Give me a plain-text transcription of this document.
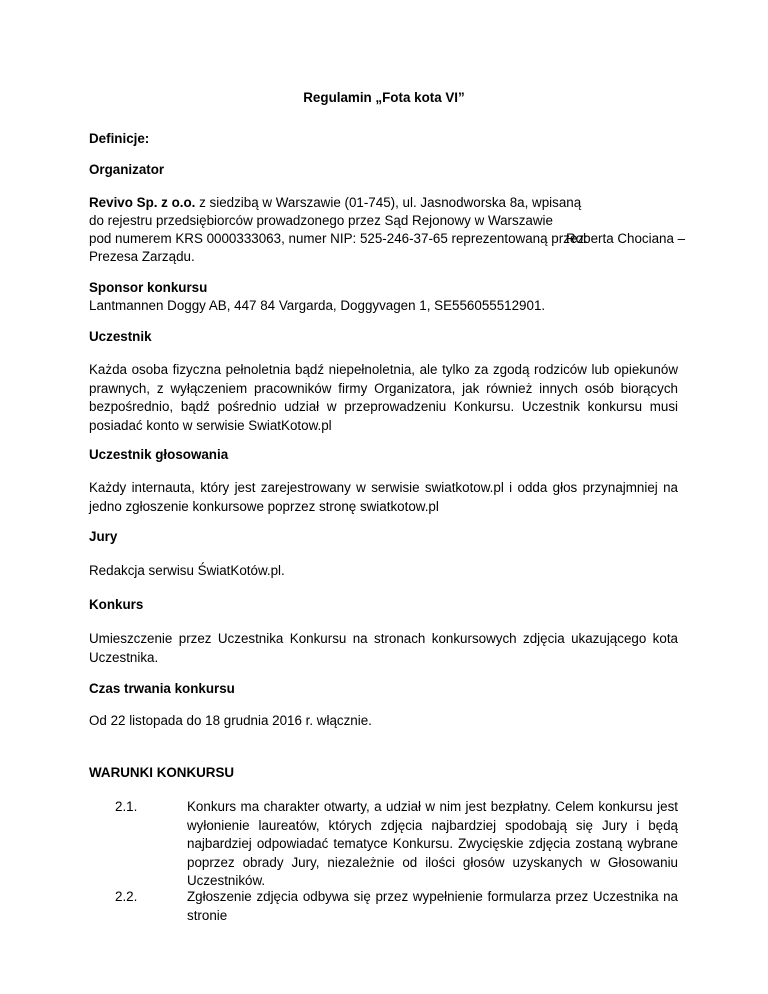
Regulamin „Fota kota VI”
Definicje:
Organizator
Revivo Sp. z o.o. z siedzibą w Warszawie (01-745), ul. Jasnodworska 8a, wpisaną
do rejestru przedsiębiorców prowadzonego przez Sąd Rejonowy w Warszawie
pod numerem KRS 0000333063, numer NIP: 525-246-37-65 reprezentowaną przez:
Roberta Chociana –
Prezesa Zarządu.
Sponsor konkursu
Lantmannen Doggy AB, 447 84 Vargarda, Doggyvagen 1, SE556055512901.
Uczestnik
Każda osoba fizyczna pełnoletnia bądź niepełnoletnia, ale tylko za zgodą rodziców lub opiekunów prawnych, z wyłączeniem pracowników firmy Organizatora, jak również innych osób biorących bezpośrednio, bądź pośrednio udział w przeprowadzeniu Konkursu. Uczestnik konkursu musi posiadać konto w serwisie SwiatKotow.pl
Uczestnik głosowania
Każdy internauta, który jest zarejestrowany w serwisie swiatkotow.pl i odda głos przynajmniej na jedno zgłoszenie konkursowe poprzez stronę swiatkotow.pl
Jury
Redakcja serwisu ŚwiatKotów.pl.
Konkurs
Umieszczenie przez Uczestnika Konkursu na stronach konkursowych zdjęcia ukazującego kota Uczestnika.
Czas trwania konkursu
Od 22 listopada do 18 grudnia 2016 r. włącznie.
WARUNKI KONKURSU
2.1.	Konkurs ma charakter otwarty, a udział w nim jest bezpłatny. Celem konkursu jest wyłonienie laureatów, których zdjęcia najbardziej spodobają się Jury i będą najbardziej odpowiadać tematyce Konkursu. Zwycięskie zdjęcia zostaną wybrane poprzez obrady Jury, niezależnie od ilości głosów uzyskanych w Głosowaniu Uczestników.
2.2.	Zgłoszenie zdjęcia odbywa się przez wypełnienie formularza przez Uczestnika na stronie
